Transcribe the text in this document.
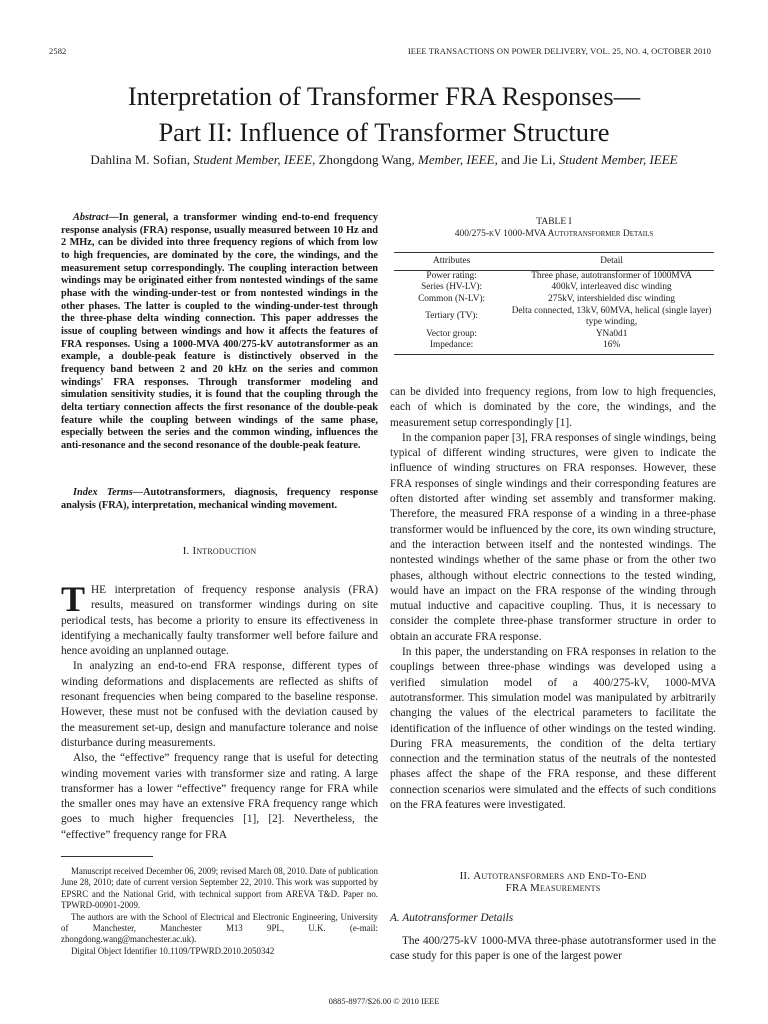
2582	IEEE TRANSACTIONS ON POWER DELIVERY, VOL. 25, NO. 4, OCTOBER 2010
Interpretation of Transformer FRA Responses—
Part II: Influence of Transformer Structure
Dahlina M. Sofian, Student Member, IEEE, Zhongdong Wang, Member, IEEE, and Jie Li, Student Member, IEEE

Abstract—In general, a transformer winding end-to-end frequency response analysis (FRA) response, usually measured between 10 Hz and 2 MHz, can be divided into three frequency regions of which from low to high frequencies, are dominated by the core, the windings, and the measurement setup correspondingly. The coupling interaction between windings may be originated either from nontested windings of the same phase with the winding-under-test or from nontested windings in the other phases. The latter is coupled to the winding-under-test through the three-phase delta winding connection. This paper addresses the issue of coupling between windings and how it affects the features of FRA responses. Using a 1000-MVA 400/275-kV autotransformer as an example, a double-peak feature is distinctively observed in the frequency band between 2 and 20 kHz on the series and common windings' FRA responses. Through transformer modeling and simulation sensitivity studies, it is found that the coupling through the delta tertiary connection affects the first resonance of the double-peak feature while the coupling between windings of the same phase, especially between the series and the common winding, influences the anti-resonance and the second resonance of the double-peak feature.

Index Terms—Autotransformers, diagnosis, frequency response analysis (FRA), interpretation, mechanical winding movement.

I. Introduction

THE interpretation of frequency response analysis (FRA) results, measured on transformer windings during on site periodical tests, has become a priority to ensure its effectiveness in identifying a mechanically faulty transformer well before failure and hence avoiding an unplanned outage.

In analyzing an end-to-end FRA response, different types of winding deformations and displacements are reflected as shifts of resonant frequencies when being compared to the baseline response. However, these must not be confused with the deviation caused by the measurement set-up, design and manufacture tolerance and noise disturbance during measurements.

Also, the “effective” frequency range that is useful for detecting winding movement varies with transformer size and rating. A large transformer has a lower “effective” frequency range for FRA while the smaller ones may have an extensive FRA frequency range which goes to much higher frequencies [1], [2]. Nevertheless, the “effective” frequency range for FRA

Manuscript received December 06, 2009; revised March 08, 2010. Date of publication June 28, 2010; date of current version September 22, 2010. This work was supported by EPSRC and the National Grid, with technical support from AREVA T&D. Paper no. TPWRD-00901-2009.

The authors are with the School of Electrical and Electronic Engineering, University of Manchester, Manchester M13 9PL, U.K. (e-mail: zhongdong.wang@manchester.ac.uk).

Digital Object Identifier 10.1109/TPWRD.2010.2050342

TABLE I
400/275-kV 1000-MVA Autotransformer Details
Attributes	Detail
Power rating:	Three phase, autotransformer of 1000MVA
Series (HV-LV):	400kV, interleaved disc winding
Common (N-LV):	275kV, intershielded disc winding
Tertiary (TV):	Delta connected, 13kV, 60MVA, helical (single layer) type winding,
Vector group:	YNa0d1
Impedance:	16%

can be divided into frequency regions, from low to high frequencies, each of which is dominated by the core, the windings, and the measurement setup correspondingly [1].

In the companion paper [3], FRA responses of single windings, being typical of different winding structures, were given to indicate the influence of winding structures on FRA responses. However, these FRA responses of single windings and their corresponding features are often distorted after winding set assembly and transformer making. Therefore, the measured FRA response of a winding in a three-phase transformer would be influenced by the core, its own winding structure, and the interaction between itself and the nontested windings. The nontested windings whether of the same phase or from the other two phases, although without electric connections to the tested winding, would have an impact on the FRA response of the winding through mutual inductive and capacitive coupling. Thus, it is necessary to consider the complete three-phase transformer structure in order to obtain an accurate FRA response.

In this paper, the understanding on FRA responses in relation to the couplings between three-phase windings was developed using a verified simulation model of a 400/275-kV, 1000-MVA autotransformer. This simulation model was manipulated by arbitrarily changing the values of the electrical parameters to facilitate the identification of the influence of other windings on the tested winding. During FRA measurements, the condition of the delta tertiary connection and the termination status of the neutrals of the nontested phases affect the shape of the FRA response, and these different connection scenarios were simulated and the effects of such conditions on the FRA features were investigated.

II. Autotransformers and End-To-End
FRA Measurements
A. Autotransformer Details

The 400/275-kV 1000-MVA three-phase autotransformer used in the case study for this paper is one of the largest power

0885-8977/$26.00 © 2010 IEEE
